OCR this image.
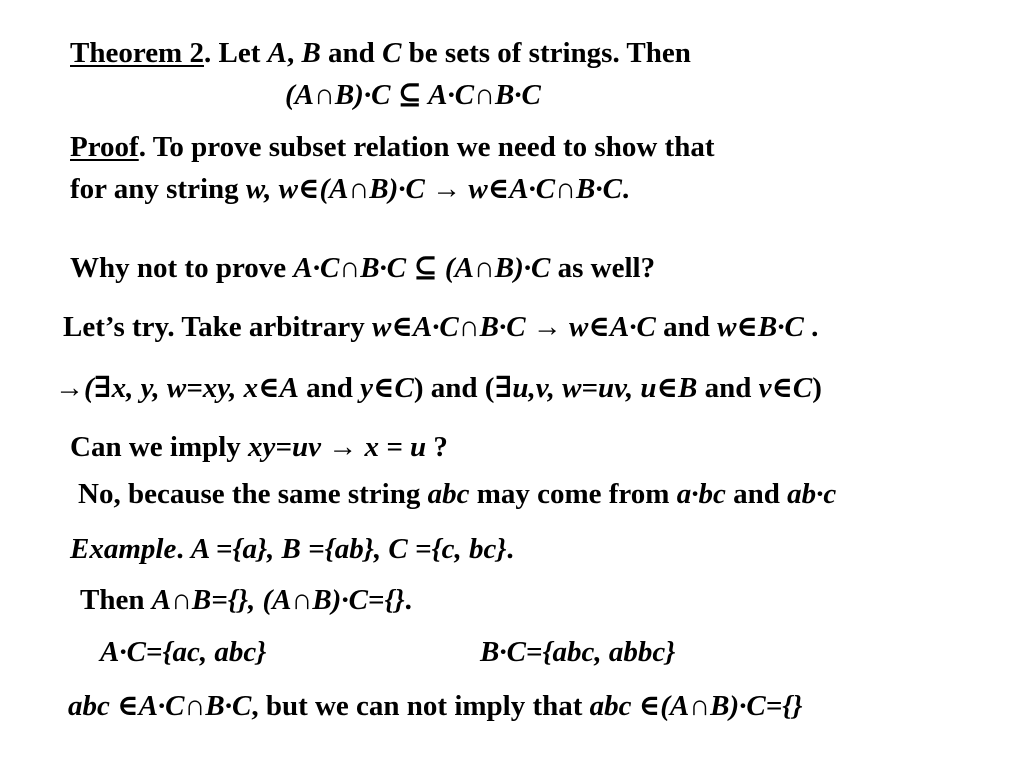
Theorem 2. Let A, B and C be sets of strings. Then
(A∩B)·C ⊆ A·C∩B·C
Proof. To prove subset relation we need to show that
for any string w, w∈(A∩B)·C → w∈A·C∩B·C.
Why not to prove A·C∩B·C ⊆ (A∩B)·C as well?
Let’s try. Take arbitrary w∈A·C∩B·C → w∈A·C and w∈B·C .
→(∃x, y, w=xy, x∈A and y∈C) and (∃u,v, w=uv, u∈B and v∈C)
Can we imply xy=uv → x = u ?
No, because the same string abc may come from a·bc and ab·c
Example. A ={a}, B ={ab}, C ={c, bc}.
Then A∩B={}, (A∩B)·C={}.
A·C={ac, abc}	B·C={abc, abbc}
abc ∈A·C∩B·C, but we can not imply that abc ∈(A∩B)·C={}
